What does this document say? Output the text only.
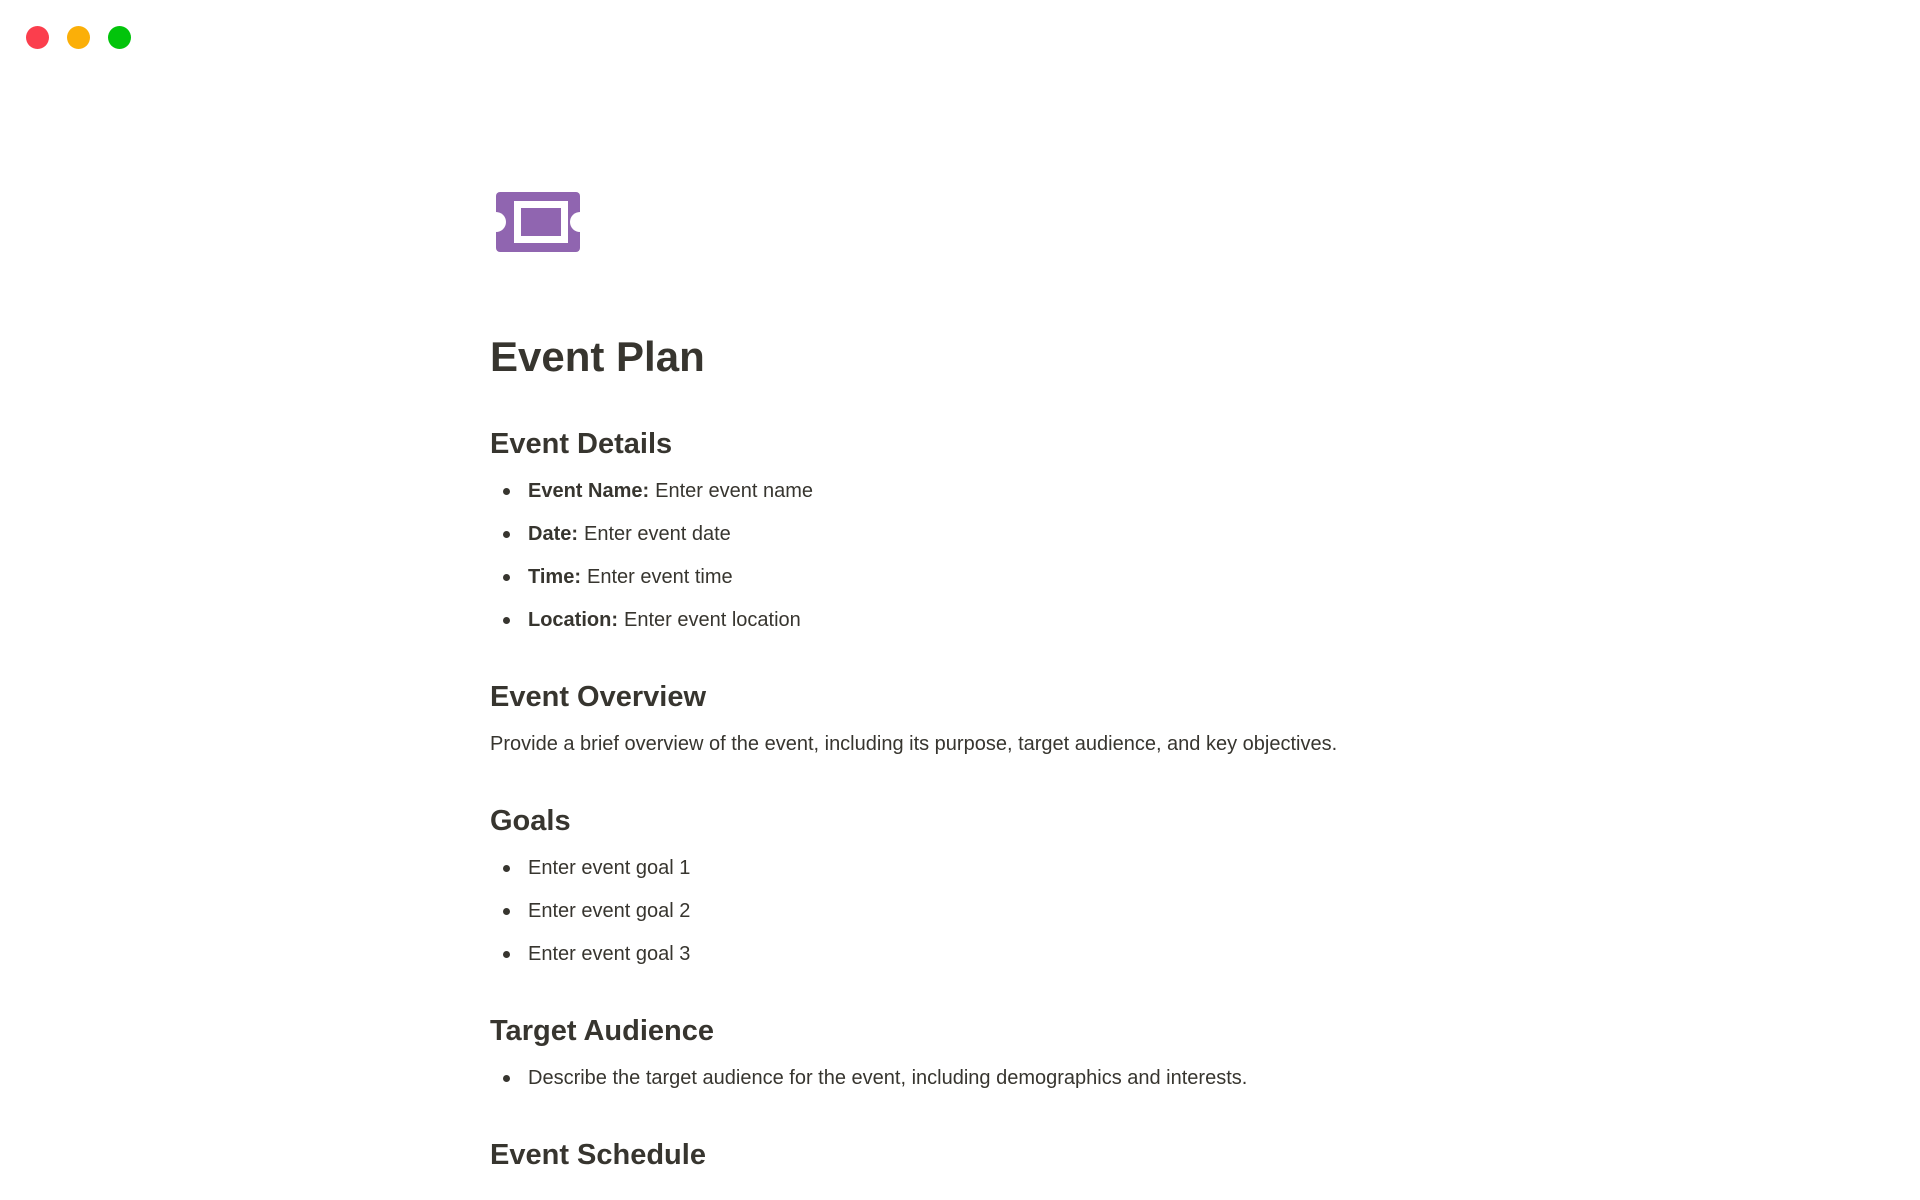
Event Plan
Event Details
Event Name: Enter event name
Date: Enter event date
Time: Enter event time
Location: Enter event location
Event Overview

Provide a brief overview of the event, including its purpose, target audience, and key objectives.

Goals
Enter event goal 1
Enter event goal 2
Enter event goal 3
Target Audience
Describe the target audience for the event, including demographics and interests.
Event Schedule
